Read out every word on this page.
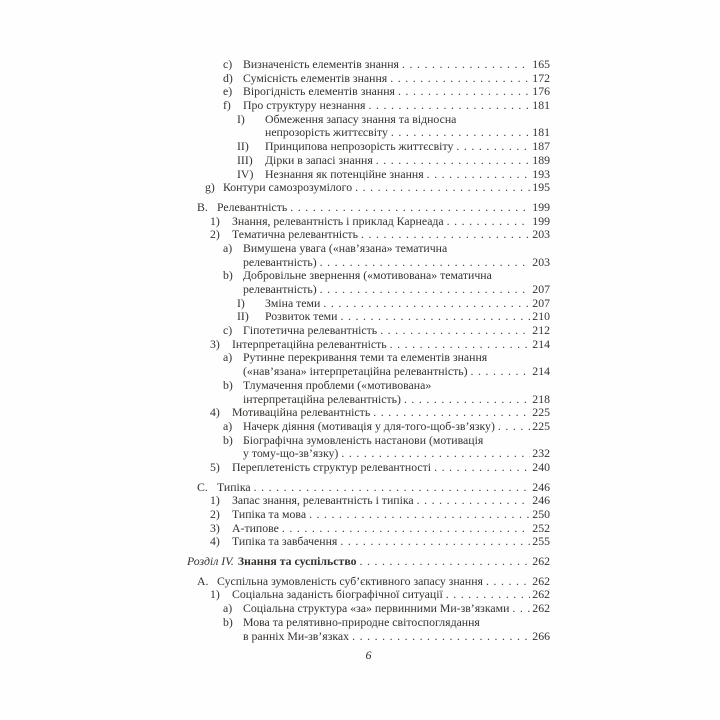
c) Визначеність елементів знання . . .	165
d) Сумісність елементів знання . . .	172
e) Вірогідність елементів знання . . .	176
f)	Про структуру незнання . . .	181
I)	Обмеження запасу знання та відносна
непрозорість життєсвіту . . .	181
II)	Принципова непрозорість життєсвіту . . .	187
III)	Дірки в запасі знання . . .	189
IV) Незнання як потенційне знання . . .	193
g) Контури самозрозумілого . . .	195
B. Релевантність . . .	199
1)	Знання, релевантність і приклад Карнеада . . .	199
2)	Тематична релевантність . . .	203
a) Вимушена увага («нав’язана» тематична
релевантність) . . .	203
b) Добровільне звернення («мотивована» тематична
релевантність) . . .	207
I)	Зміна теми . . .	207
II)	Розвиток теми . . .	210
c) Гіпотетична релевантність . . .	212
3)	Інтерпретаційна релевантність . . .	214
a) Рутинне перекривання теми та елементів знання
(«нав’язана» інтерпретаційна релевантність) . . .	214
b) Тлумачення проблеми («мотивована»
інтерпретаційна релевантність) . . .	218
4)	Мотиваційна релевантність . . .	225
a) Начерк діяння (мотивація у для-того-щоб-зв’язку) . . .	225
b) Біографічна зумовленість настанови (мотивація
у тому-що-зв’язку) . . .	232
5)	Переплетеність структур релевантності . . .	240
C. Типіка . . .	246
1)	Запас знання, релевантність і типіка . . .	246
2)	Типіка та мова . . .	250
3)	А-типове . . .	252
4)	Типіка та завбачення . . .	255
Розділ IV. Знання та суспільство . . .	262
A. Суспільна зумовленість суб’єктивного запасу знання . . .	262
1)	Соціальна заданість біографічної ситуації . . .	262
a) Соціальна структура «за» первинними Ми-зв’язками . . . 262
b) Мова та релятивно-природне світоспоглядання
в ранніх Ми-зв’язках . . .	266
6
